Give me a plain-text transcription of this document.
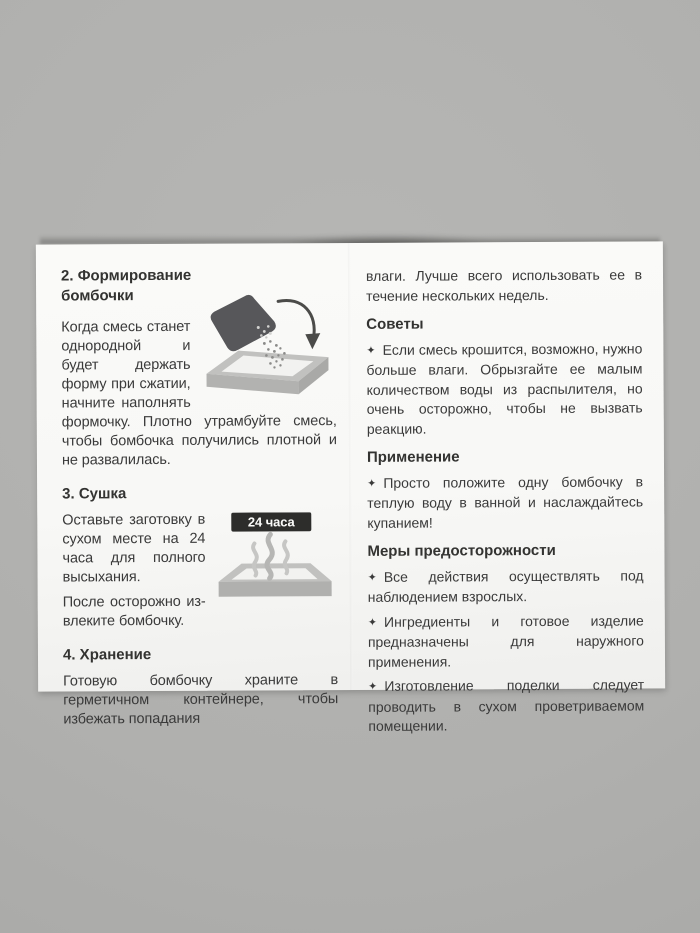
2. Формирование бомбочки

Когда смесь станет однородной и будет держать форму при сжатии, начните наполнять формочку. Плотно утрамбуйте смесь, чтобы бомбочка получились плотной и не развалилась.

3. Сушка

24 часа
Оставьте заготовку в сухом месте на 24 часа для полного высыхания.

После осторожно извлеките бомбочку.

4. Хранение

Готовую бомбочку храните в герметичном контейнере, чтобы избежать попадания

влаги. Лучше всего использовать ее в течение нескольких недель.

Советы

✦ Если смесь крошится, возможно, нужно больше влаги. Обрызгайте ее малым количеством воды из распылителя, но очень осторожно, чтобы не вызвать реакцию.

Применение

✦ Просто положите одну бомбочку в теплую воду в ванной и наслаждайтесь купанием!

Меры предосторожности

✦ Все действия осуществлять под наблюдением взрослых.

✦ Ингредиенты и готовое изделие предназначены для наружного применения.

✦ Изготовление поделки следует проводить в сухом проветриваемом помещении.
